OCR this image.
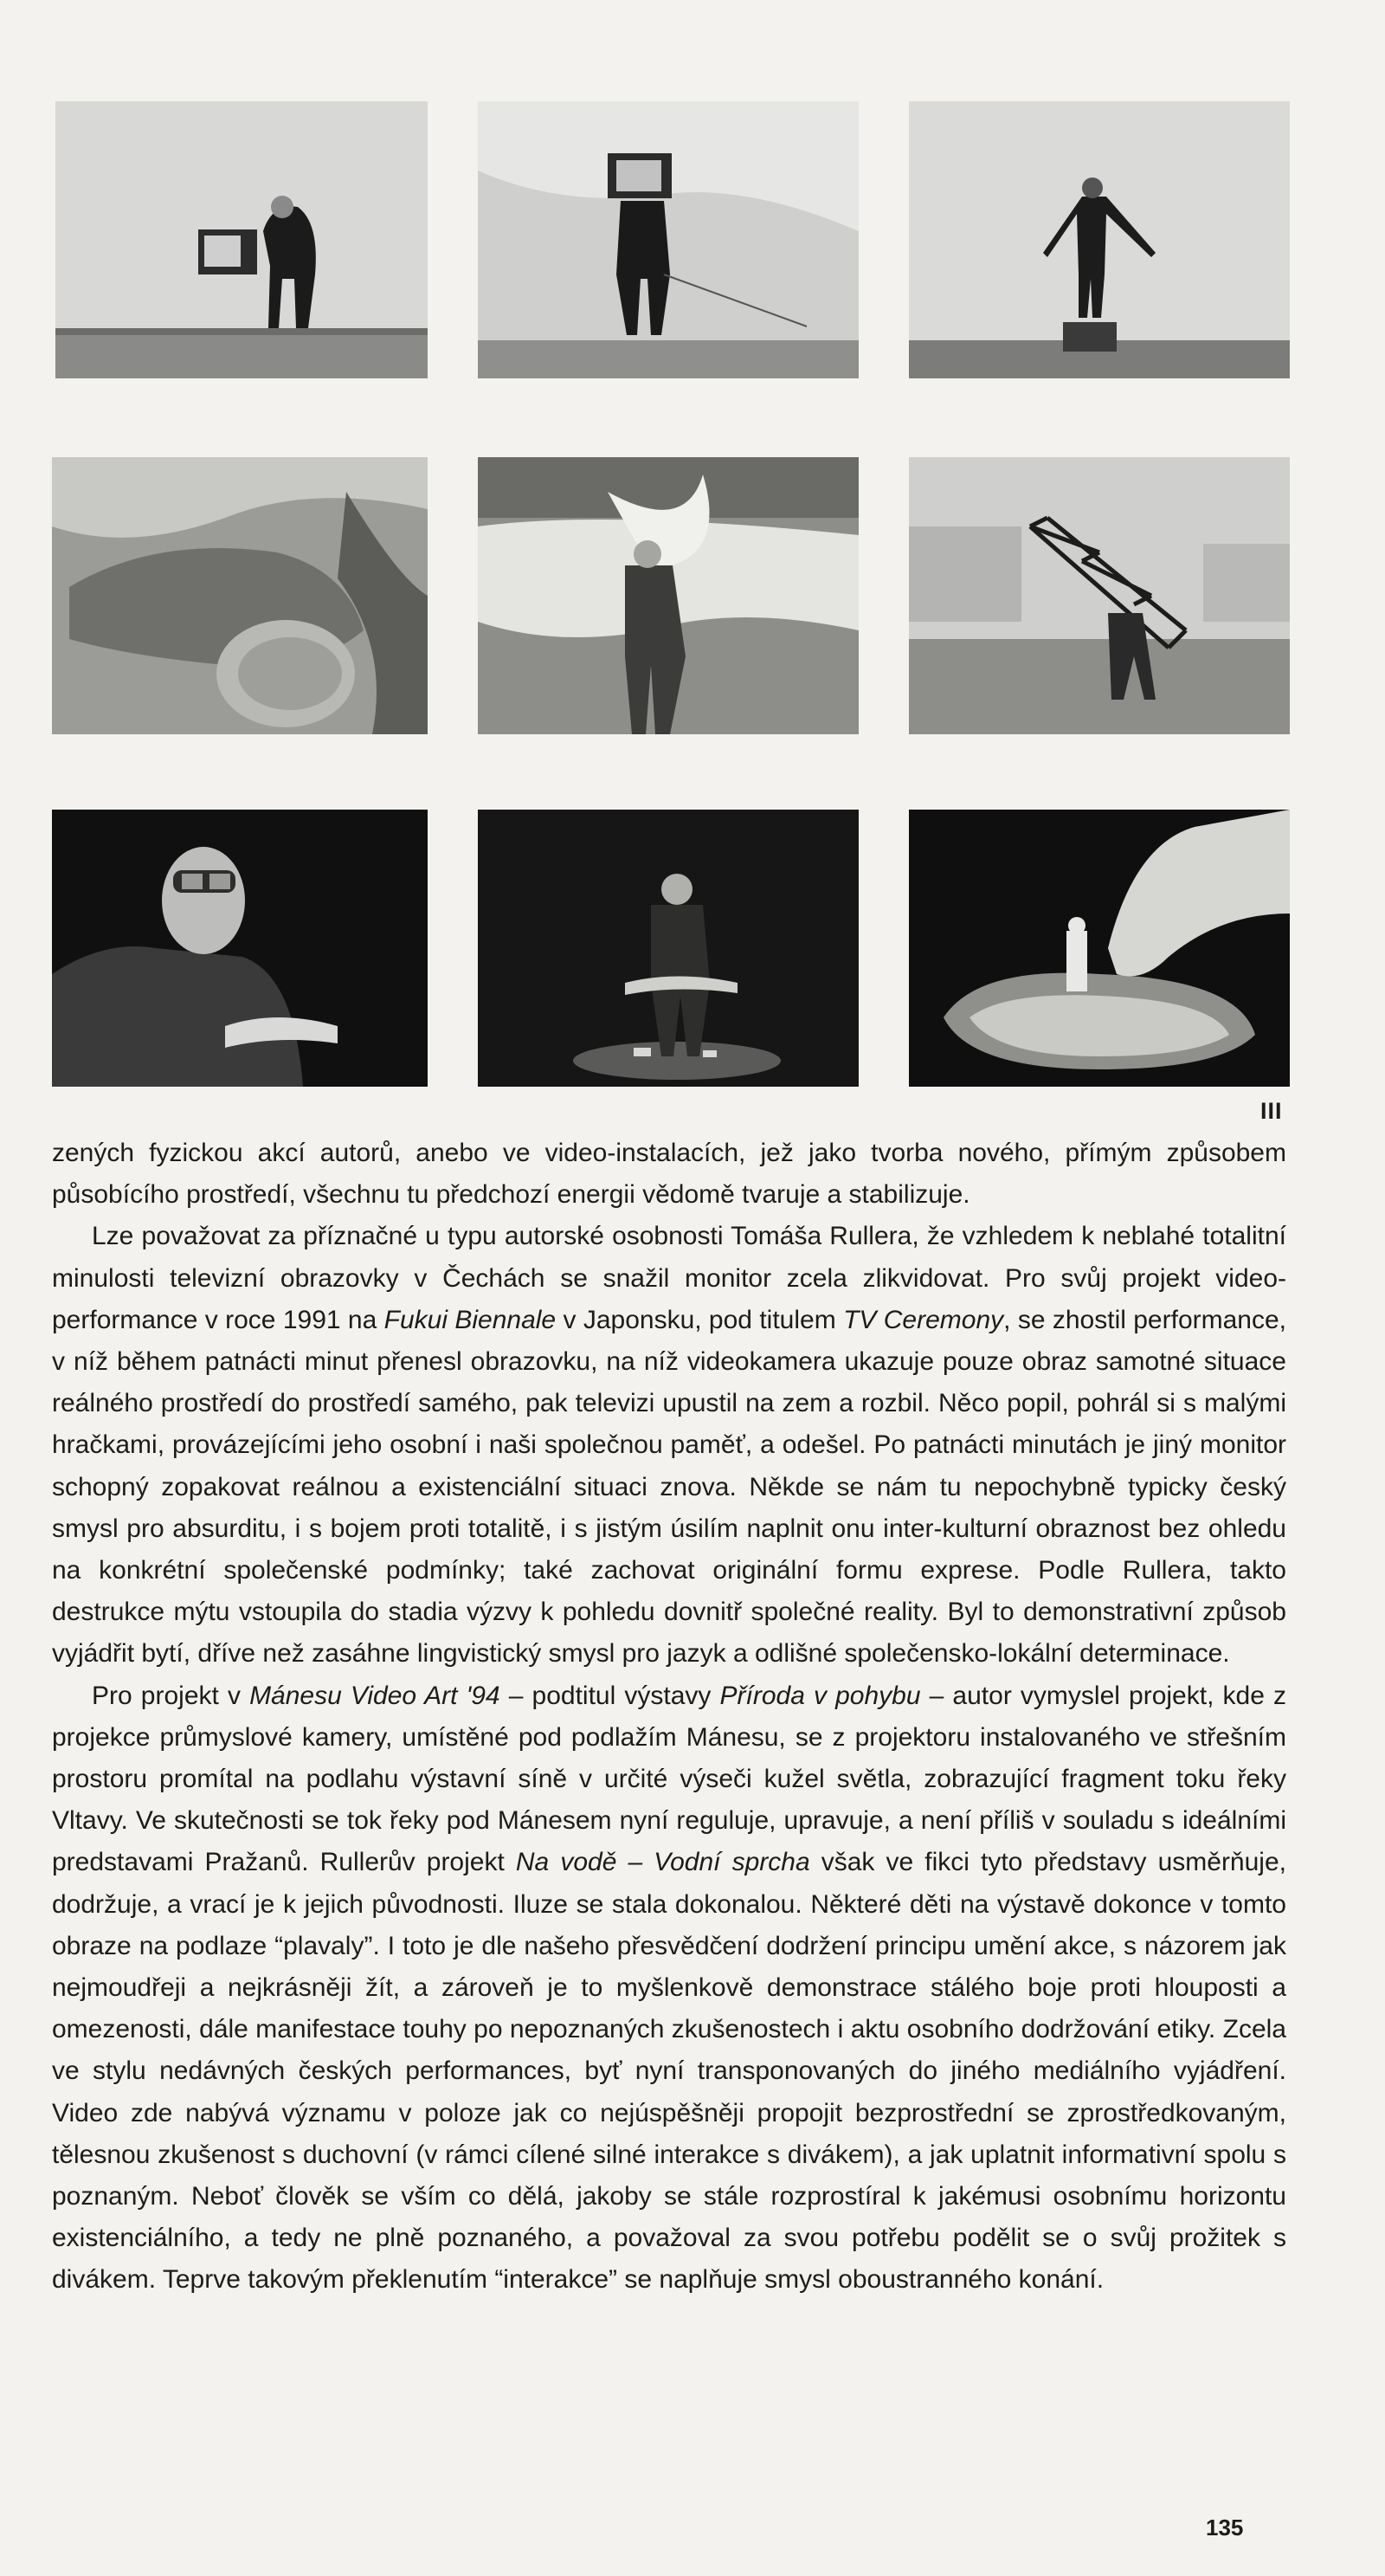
III

zených fyzickou akcí autorů, anebo ve video-instalacích, jež jako tvorba nového, přímým způsobem působícího prostředí, všechnu tu předchozí energii vědomě tvaruje a stabilizuje.

Lze považovat za příznačné u typu autorské osobnosti Tomáša Rullera, že vzhledem k neblahé totalitní minulosti televizní obrazovky v Čechách se snažil monitor zcela zlikvidovat. Pro svůj projekt video-performance v roce 1991 na Fukui Biennale v Japonsku, pod titulem TV Ceremony, se zhostil performance, v níž během patnácti minut přenesl obrazovku, na níž videokamera ukazuje pouze obraz samotné situace reálného prostředí do prostředí samého, pak televizi upustil na zem a rozbil. Něco popil, pohrál si s malými hračkami, provázejícími jeho osobní i naši společnou paměť, a odešel. Po patnácti minutách je jiný monitor schopný zopakovat reálnou a existenciální situaci znova. Někde se nám tu nepochybně typicky český smysl pro absurditu, i s bojem proti totalitě, i s jistým úsilím naplnit onu inter-kulturní obraznost bez ohledu na konkrétní společenské podmínky; také zachovat originální formu exprese. Podle Rullera, takto destrukce mýtu vstoupila do stadia výzvy k pohledu dovnitř společné reality. Byl to demonstrativní způsob vyjádřit bytí, dříve než zasáhne lingvistický smysl pro jazyk a odlišné společensko-lokální determinace.

Pro projekt v Mánesu Video Art '94 – podtitul výstavy Příroda v pohybu – autor vymyslel projekt, kde z projekce průmyslové kamery, umístěné pod podlažím Mánesu, se z projektoru instalovaného ve střešním prostoru promítal na podlahu výstavní síně v určité výseči kužel světla, zobrazující fragment toku řeky Vltavy. Ve skutečnosti se tok řeky pod Mánesem nyní reguluje, upravuje, a není příliš v souladu s ideálními predstavami Pražanů. Rullerův projekt Na vodě – Vodní sprcha však ve fikci tyto představy usměrňuje, dodržuje, a vrací je k jejich původnosti. Iluze se stala dokonalou. Některé děti na výstavě dokonce v tomto obraze na podlaze “plavaly”. I toto je dle našeho přesvědčení dodržení principu umění akce, s názorem jak nejmoudřeji a nejkrásněji žít, a zároveň je to myšlenkově demonstrace stálého boje proti hlouposti a omezenosti, dále manifestace touhy po nepoznaných zkušenostech i aktu osobního dodržování etiky. Zcela ve stylu nedávných českých performances, byť nyní transponovaných do jiného mediálního vyjádření. Video zde nabývá významu v poloze jak co nejúspěšněji propojit bezprostřední se zprostředkovaným, tělesnou zkušenost s duchovní (v rámci cílené silné interakce s divákem), a jak uplatnit informativní spolu s poznaným. Neboť člověk se vším co dělá, jakoby se stále rozprostíral k jakémusi osobnímu horizontu existenciálního, a tedy ne plně poznaného, a považoval za svou potřebu podělit se o svůj prožitek s divákem. Teprve takovým překlenutím “interakce” se naplňuje smysl oboustranného konání.

135
